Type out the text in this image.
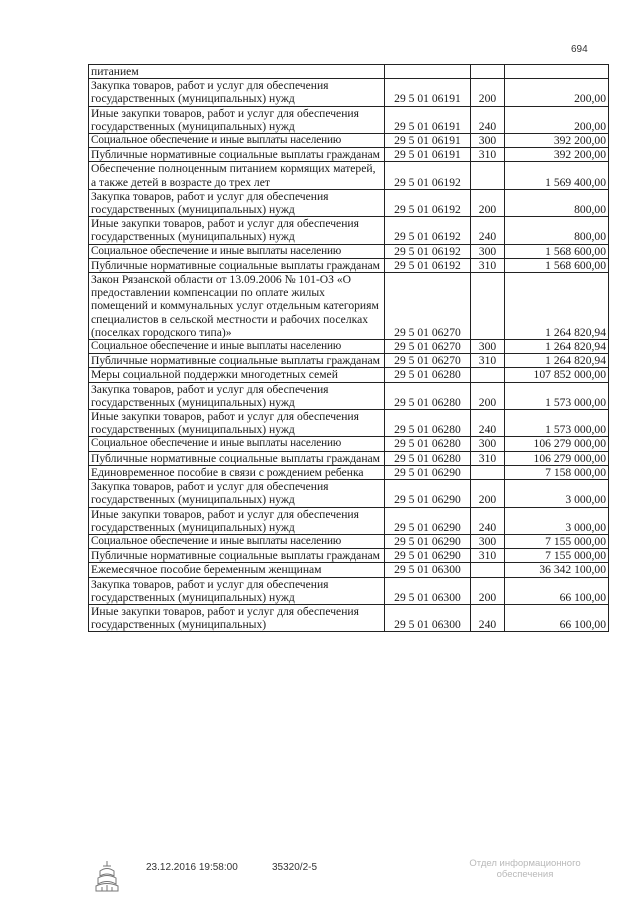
694
питанием			
Закупка товаров, работ и услуг для обеспечения государственных (муниципальных) нужд	29 5 01 06191	200	200,00
Иные закупки товаров, работ и услуг для обеспечения государственных (муниципальных) нужд	29 5 01 06191	240	200,00
Социальное обеспечение и иные выплаты населению	29 5 01 06191	300	392 200,00
Публичные нормативные социальные выплаты гражданам	29 5 01 06191	310	392 200,00
Обеспечение полноценным питанием кормящих матерей, а также детей в возрасте до трех лет	29 5 01 06192		1 569 400,00
Закупка товаров, работ и услуг для обеспечения государственных (муниципальных) нужд	29 5 01 06192	200	800,00
Иные закупки товаров, работ и услуг для обеспечения государственных (муниципальных) нужд	29 5 01 06192	240	800,00
Социальное обеспечение и иные выплаты населению	29 5 01 06192	300	1 568 600,00
Публичные нормативные социальные выплаты гражданам	29 5 01 06192	310	1 568 600,00
Закон Рязанской области от 13.09.2006 № 101-ОЗ «О предоставлении компенсации по оплате жилых помещений и коммунальных услуг отдельным категориям специалистов в сельской местности и рабочих поселках (поселках городского типа)»	29 5 01 06270		1 264 820,94
Социальное обеспечение и иные выплаты населению	29 5 01 06270	300	1 264 820,94
Публичные нормативные социальные выплаты гражданам	29 5 01 06270	310	1 264 820,94
Меры социальной поддержки многодетных семей	29 5 01 06280		107 852 000,00
Закупка товаров, работ и услуг для обеспечения государственных (муниципальных) нужд	29 5 01 06280	200	1 573 000,00
Иные закупки товаров, работ и услуг для обеспечения государственных (муниципальных) нужд	29 5 01 06280	240	1 573 000,00
Социальное обеспечение и иные выплаты населению	29 5 01 06280	300	106 279 000,00
Публичные нормативные социальные выплаты гражданам	29 5 01 06280	310	106 279 000,00
Единовременное пособие в связи с рождением ребенка	29 5 01 06290		7 158 000,00
Закупка товаров, работ и услуг для обеспечения государственных (муниципальных) нужд	29 5 01 06290	200	3 000,00
Иные закупки товаров, работ и услуг для обеспечения государственных (муниципальных) нужд	29 5 01 06290	240	3 000,00
Социальное обеспечение и иные выплаты населению	29 5 01 06290	300	7 155 000,00
Публичные нормативные социальные выплаты гражданам	29 5 01 06290	310	7 155 000,00
Ежемесячное пособие беременным женщинам	29 5 01 06300		36 342 100,00
Закупка товаров, работ и услуг для обеспечения государственных (муниципальных) нужд	29 5 01 06300	200	66 100,00
Иные закупки товаров, работ и услуг для обеспечения государственных (муниципальных)	29 5 01 06300	240	66 100,00
23.12.2016 19:58:00	35320/2-5	Отдел информационного обеспечения
